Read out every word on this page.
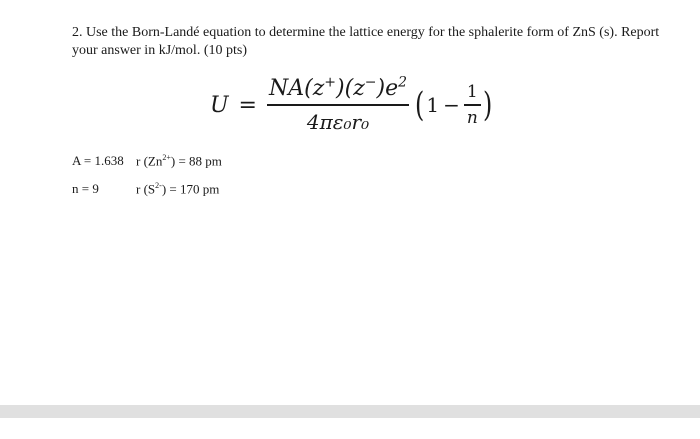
2. Use the Born-Landé equation to determine the lattice energy for the sphalerite form of ZnS (s). Report your answer in kJ/mol. (10 pts)
$U = \frac{NA(z^+)(z^-)e^2}{\text{4πε₀r₀}}$ ( $1 - \frac{1}{n}$ )
A = 1.638 r $(Zn^{2+}) = 88$ pm
n = 9	r $(S^{2-}) = 170$ pm
